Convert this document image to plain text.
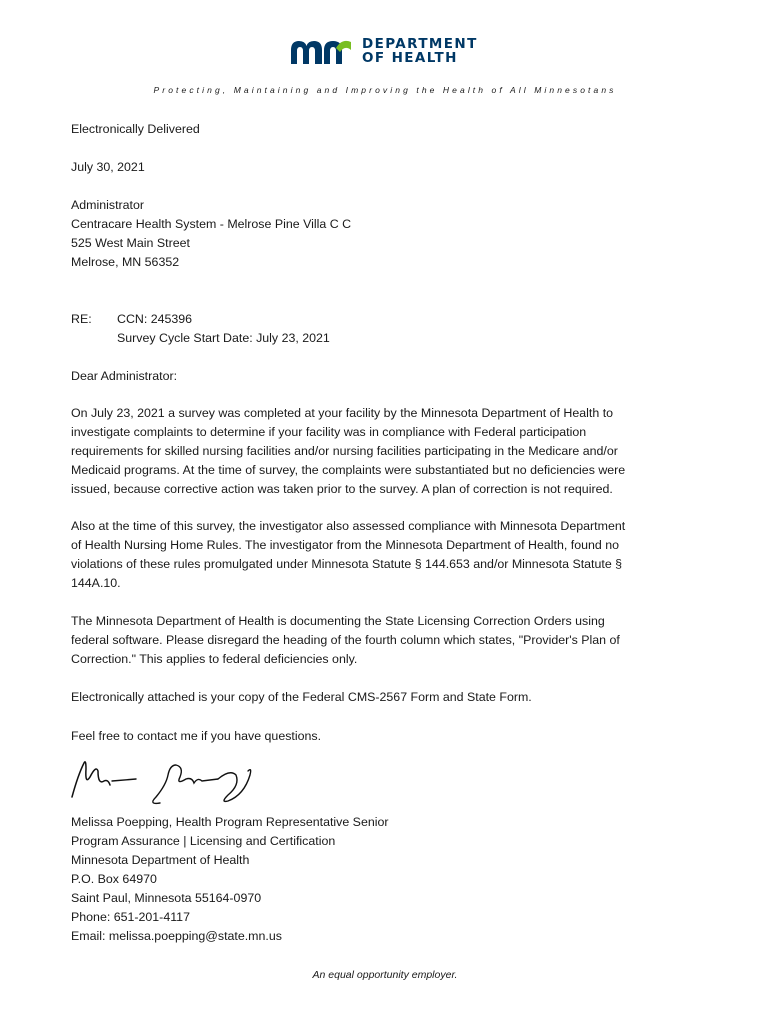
DEPARTMENT
OF HEALTH
Protecting, Maintaining and Improving the Health of All Minnesotans
Electronically Delivered
July 30, 2021
Administrator
Centracare Health System - Melrose Pine Villa C C
525 West Main Street
Melrose, MN 56352
RE: CCN: 245396
Survey Cycle Start Date: July 23, 2021
Dear Administrator:
On July 23, 2021 a survey was completed at your facility by the Minnesota Department of Health to
investigate complaints to determine if your facility was in compliance with Federal participation
requirements for skilled nursing facilities and/or nursing facilities participating in the Medicare and/or
Medicaid programs. At the time of survey, the complaints were substantiated but no deficiencies were
issued, because corrective action was taken prior to the survey. A plan of correction is not required.
Also at the time of this survey, the investigator also assessed compliance with Minnesota Department
of Health Nursing Home Rules. The investigator from the Minnesota Department of Health, found no
violations of these rules promulgated under Minnesota Statute § 144.653 and/or Minnesota Statute §
144A.10.
The Minnesota Department of Health is documenting the State Licensing Correction Orders using
federal software. Please disregard the heading of the fourth column which states, "Provider's Plan of
Correction." This applies to federal deficiencies only.
Electronically attached is your copy of the Federal CMS-2567 Form and State Form.
Feel free to contact me if you have questions.
Melissa Poepping, Health Program Representative Senior
Program Assurance | Licensing and Certification
Minnesota Department of Health
P.O. Box 64970
Saint Paul, Minnesota 55164-0970
Phone: 651-201-4117
Email: melissa.poepping@state.mn.us
An equal opportunity employer.
